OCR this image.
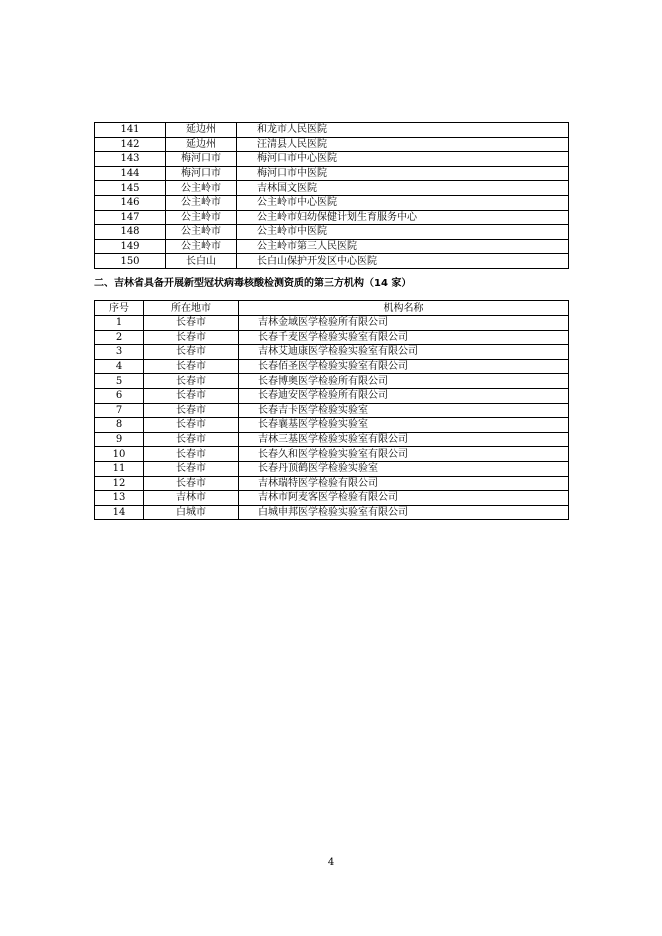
141	延边州	和龙市人民医院
142	延边州	汪清县人民医院
143	梅河口市	梅河口市中心医院
144	梅河口市	梅河口市中医院
145	公主岭市	吉林国文医院
146	公主岭市	公主岭市中心医院
147	公主岭市	公主岭市妇幼保健计划生育服务中心
148	公主岭市	公主岭市中医院
149	公主岭市	公主岭市第三人民医院
150	长白山	长白山保护开发区中心医院
二、吉林省具备开展新型冠状病毒核酸检测资质的第三方机构（14 家）
序号	所在地市	机构名称
1	长春市	吉林金域医学检验所有限公司
2	长春市	长春千麦医学检验实验室有限公司
3	长春市	吉林艾迪康医学检验实验室有限公司
4	长春市	长春佰圣医学检验实验室有限公司
5	长春市	长春博奥医学检验所有限公司
6	长春市	长春迪安医学检验所有限公司
7	长春市	长春吉卡医学检验实验室
8	长春市	长春襄基医学检验实验室
9	长春市	吉林三基医学检验实验室有限公司
10	长春市	长春久和医学检验实验室有限公司
11	长春市	长春丹顶鹤医学检验实验室
12	长春市	吉林瑞特医学检验有限公司
13	吉林市	吉林市阿麦客医学检验有限公司
14	白城市	白城申邦医学检验实验室有限公司
4
